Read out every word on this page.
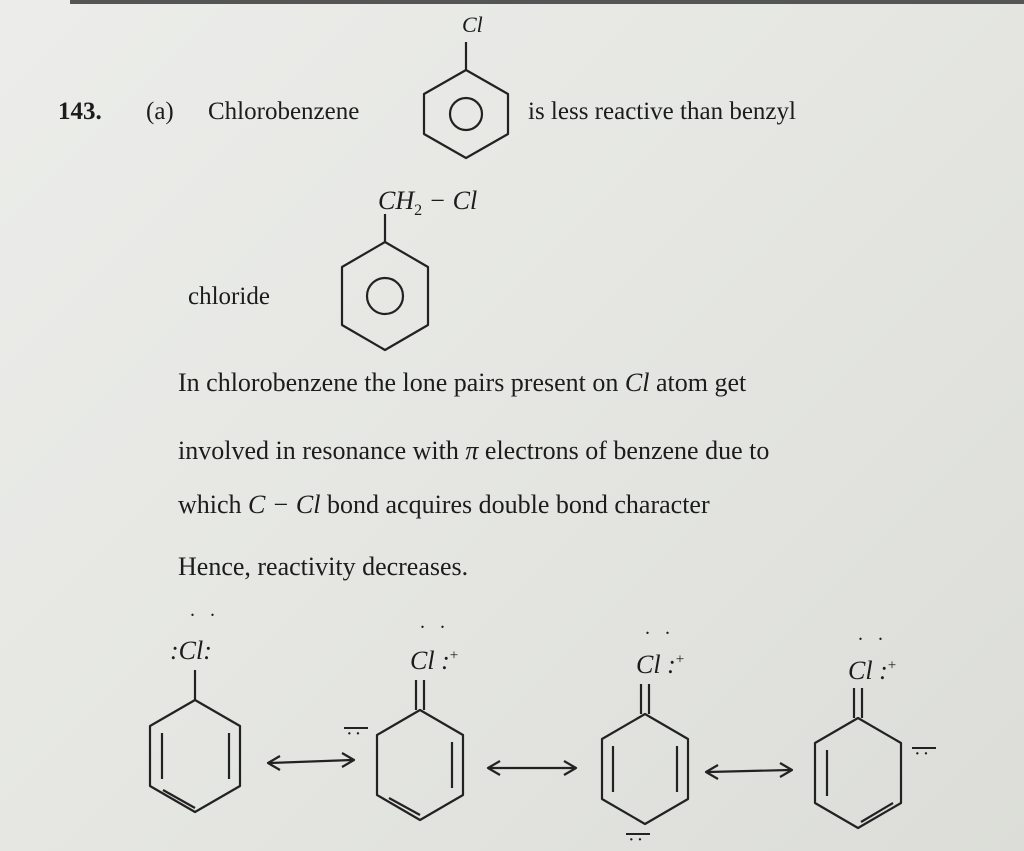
143. (a) Chlorobenzene	is less reactive than benzyl
Cl
$CH_2 - Cl$
chloride
In chlorobenzene the lone pairs present on Cl atom get
involved in resonance with π electrons of benzene due to
which C − Cl bond acquires double bond character
Hence, reactivity decreases.
. .
:Cl:
. .
Cl :+
. .
Cl :+
. .
Cl :+
··
··
··
